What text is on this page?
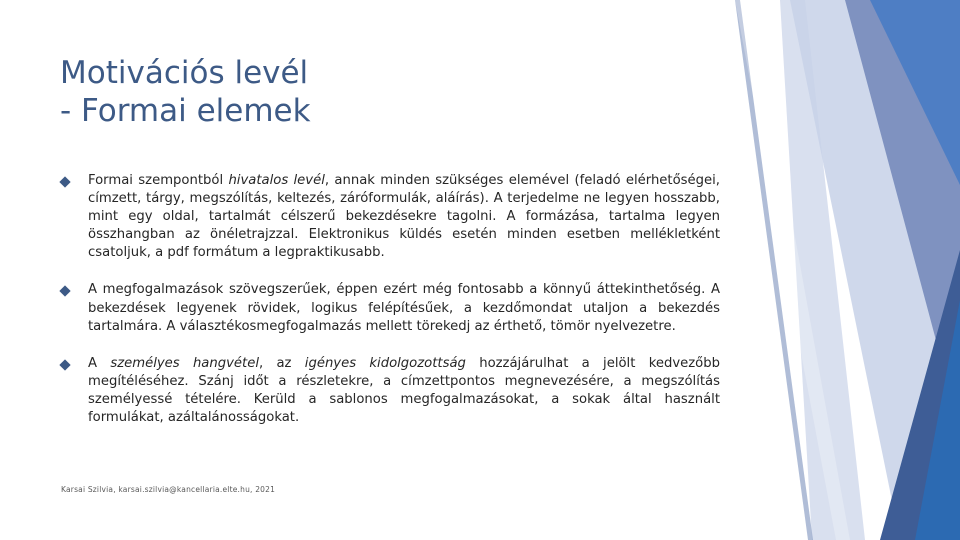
Motivációs levél
- Formai elemek
Formai szempontból hivatalos levél, annak minden szükséges elemével (feladó elérhetőségei, címzett, tárgy, megszólítás, keltezés, záróformulák, aláírás). A terjedelme ne legyen hosszabb, mint egy oldal, tartalmát célszerű bekezdésekre tagolni. A formázása, tartalma legyen összhangban az önéletrajzzal. Elektronikus küldés esetén minden esetben mellékletként csatoljuk, a pdf formátum a legpraktikusabb.
A megfogalmazások szövegszerűek, éppen ezért még fontosabb a könnyű áttekinthetőség. A bekezdések legyenek rövidek, logikus felépítésűek, a kezdőmondat utaljon a bekezdés tartalmára. A választékosmegfogalmazás mellett törekedj az érthető, tömör nyelvezetre.
A személyes hangvétel, az igényes kidolgozottság hozzájárulhat a jelölt kedvezőbb megítéléséhez. Szánj időt a részletekre, a címzettpontos megnevezésére, a megszólítás személyessé tételére. Kerüld a sablonos megfogalmazásokat, a sokak által használt formulákat, azáltalánosságokat.
Karsai Szilvia, karsai.szilvia@kancellaria.elte.hu, 2021
